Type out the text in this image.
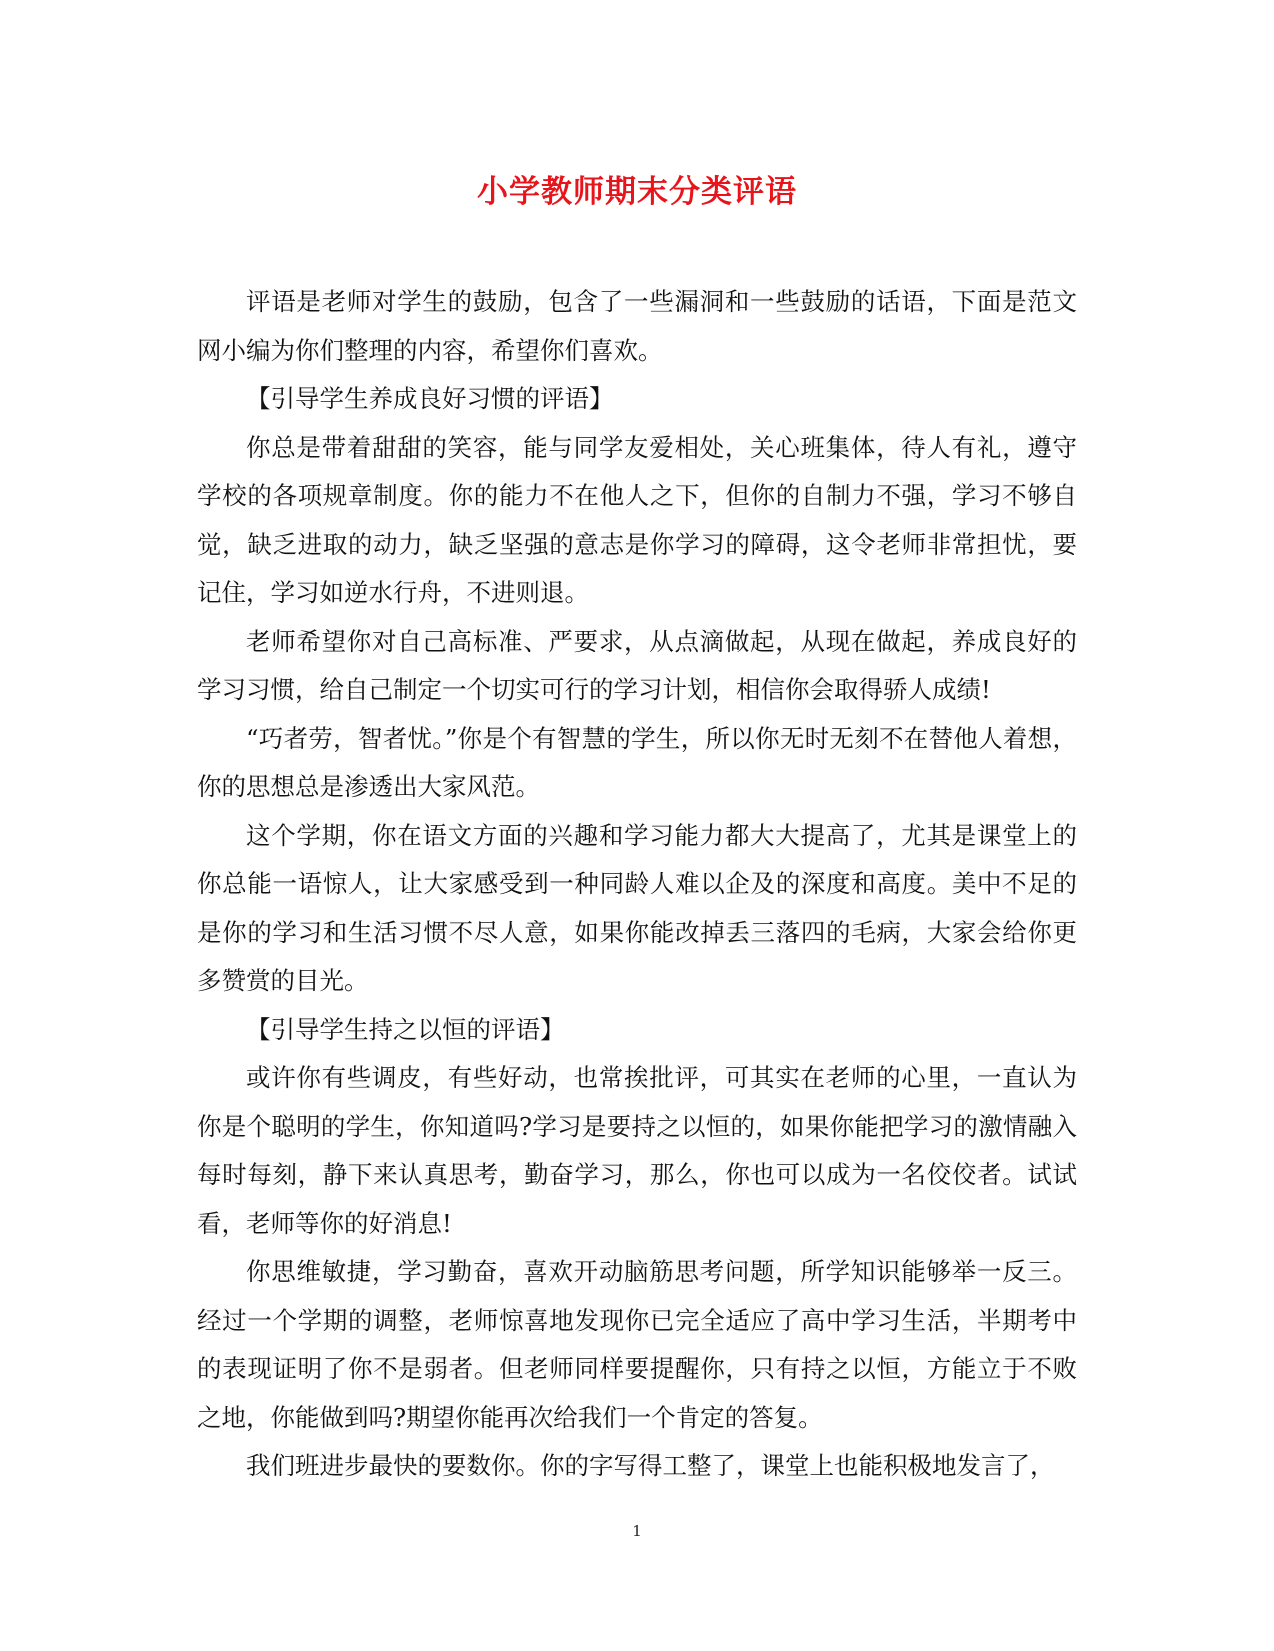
小学教师期末分类评语

评语是老师对学生的鼓励，包含了一些漏洞和一些鼓励的话语，下面是范文网小编为你们整理的内容，希望你们喜欢。

【引导学生养成良好习惯的评语】

你总是带着甜甜的笑容，能与同学友爱相处，关心班集体，待人有礼，遵守学校的各项规章制度。你的能力不在他人之下，但你的自制力不强，学习不够自觉，缺乏进取的动力，缺乏坚强的意志是你学习的障碍，这令老师非常担忧，要记住，学习如逆水行舟，不进则退。

老师希望你对自己高标准、严要求，从点滴做起，从现在做起，养成良好的学习习惯，给自己制定一个切实可行的学习计划，相信你会取得骄人成绩!

“巧者劳，智者忧。”你是个有智慧的学生，所以你无时无刻不在替他人着想，你的思想总是渗透出大家风范。

这个学期，你在语文方面的兴趣和学习能力都大大提高了，尤其是课堂上的你总能一语惊人，让大家感受到一种同龄人难以企及的深度和高度。美中不足的是你的学习和生活习惯不尽人意，如果你能改掉丢三落四的毛病，大家会给你更多赞赏的目光。

【引导学生持之以恒的评语】

或许你有些调皮，有些好动，也常挨批评，可其实在老师的心里，一直认为你是个聪明的学生，你知道吗?学习是要持之以恒的，如果你能把学习的激情融入每时每刻，静下来认真思考，勤奋学习，那么，你也可以成为一名佼佼者。试试看，老师等你的好消息!

你思维敏捷，学习勤奋，喜欢开动脑筋思考问题，所学知识能够举一反三。经过一个学期的调整，老师惊喜地发现你已完全适应了高中学习生活，半期考中的表现证明了你不是弱者。但老师同样要提醒你，只有持之以恒，方能立于不败之地，你能做到吗?期望你能再次给我们一个肯定的答复。

我们班进步最快的要数你。你的字写得工整了，课堂上也能积极地发言了，

1
